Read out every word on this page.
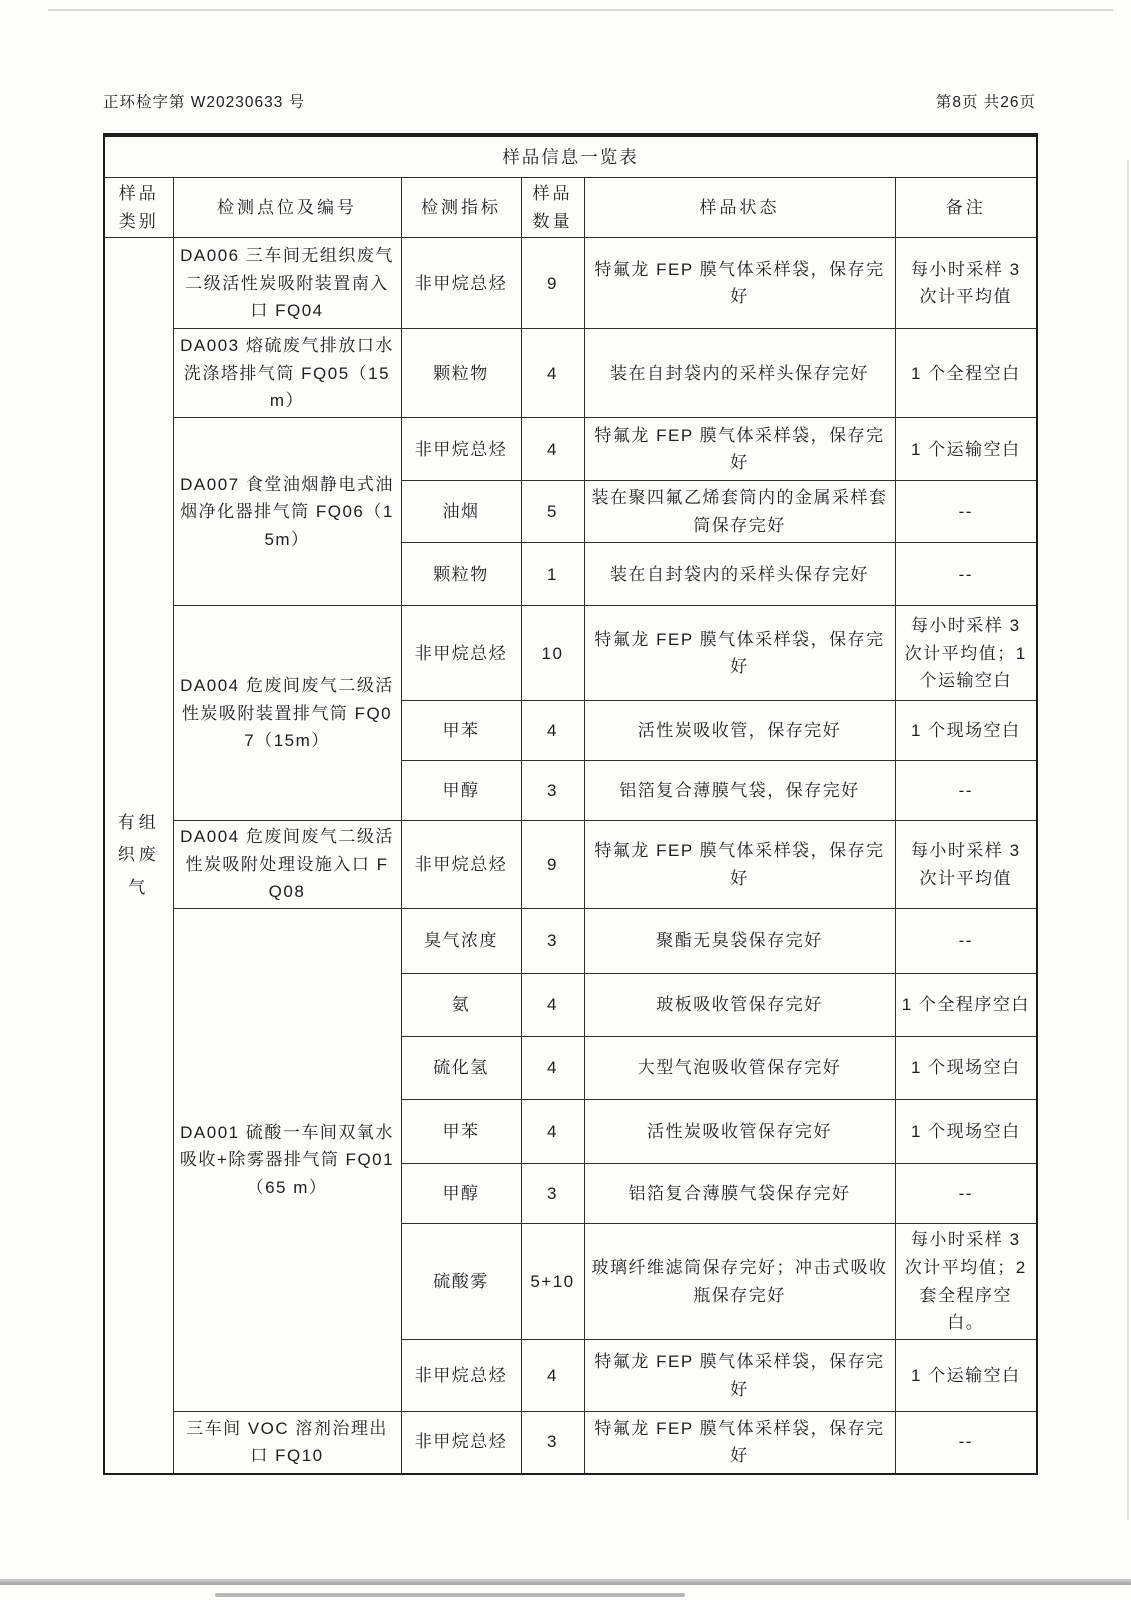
正环检字第 W20230633 号	第8页 共26页
样品信息一览表					
样品类别	检测点位及编号	检测指标	样品数量	样品状态	备注

有组织废气	DA006 三车间无组织废气二级活性炭吸附装置南入口 FQ04	非甲烷总烃	9	特氟龙 FEP 膜气体采样袋，保存完好	每小时采样 3 次计平均值
	DA003 熔硫废气排放口水洗涤塔排气筒 FQ05（15 m）	颗粒物	4	装在自封袋内的采样头保存完好	1 个全程空白
	DA007 食堂油烟静电式油烟净化器排气筒 FQ06（15m）	非甲烷总烃	4	特氟龙 FEP 膜气体采样袋，保存完好	1 个运输空白
		油烟	5	装在聚四氟乙烯套筒内的金属采样套筒保存完好	--
		颗粒物	1	装在自封袋内的采样头保存完好	--
	DA004 危废间废气二级活性炭吸附装置排气筒 FQ07（15m）	非甲烷总烃	10	特氟龙 FEP 膜气体采样袋，保存完好	每小时采样 3 次计平均值；1 个运输空白
		甲苯	4	活性炭吸收管，保存完好	1 个现场空白
		甲醇	3	铝箔复合薄膜气袋，保存完好	--
	DA004 危废间废气二级活性炭吸附处理设施入口 FQ08	非甲烷总烃	9	特氟龙 FEP 膜气体采样袋，保存完好	每小时采样 3 次计平均值
	DA001 硫酸一车间双氧水吸收+除雾器排气筒 FQ01（65 m）	臭气浓度	3	聚酯无臭袋保存完好	--
		氨	4	玻板吸收管保存完好	1 个全程序空白
		硫化氢	4	大型气泡吸收管保存完好	1 个现场空白
		甲苯	4	活性炭吸收管保存完好	1 个现场空白
		甲醇	3	铝箔复合薄膜气袋保存完好	--
		硫酸雾	5+10	玻璃纤维滤筒保存完好；冲击式吸收瓶保存完好	每小时采样 3 次计平均值；2 套全程序空白。
		非甲烷总烃	4	特氟龙 FEP 膜气体采样袋，保存完好	1 个运输空白
	三车间 VOC 溶剂治理出口 FQ10	非甲烷总烃	3	特氟龙 FEP 膜气体采样袋，保存完好	--
